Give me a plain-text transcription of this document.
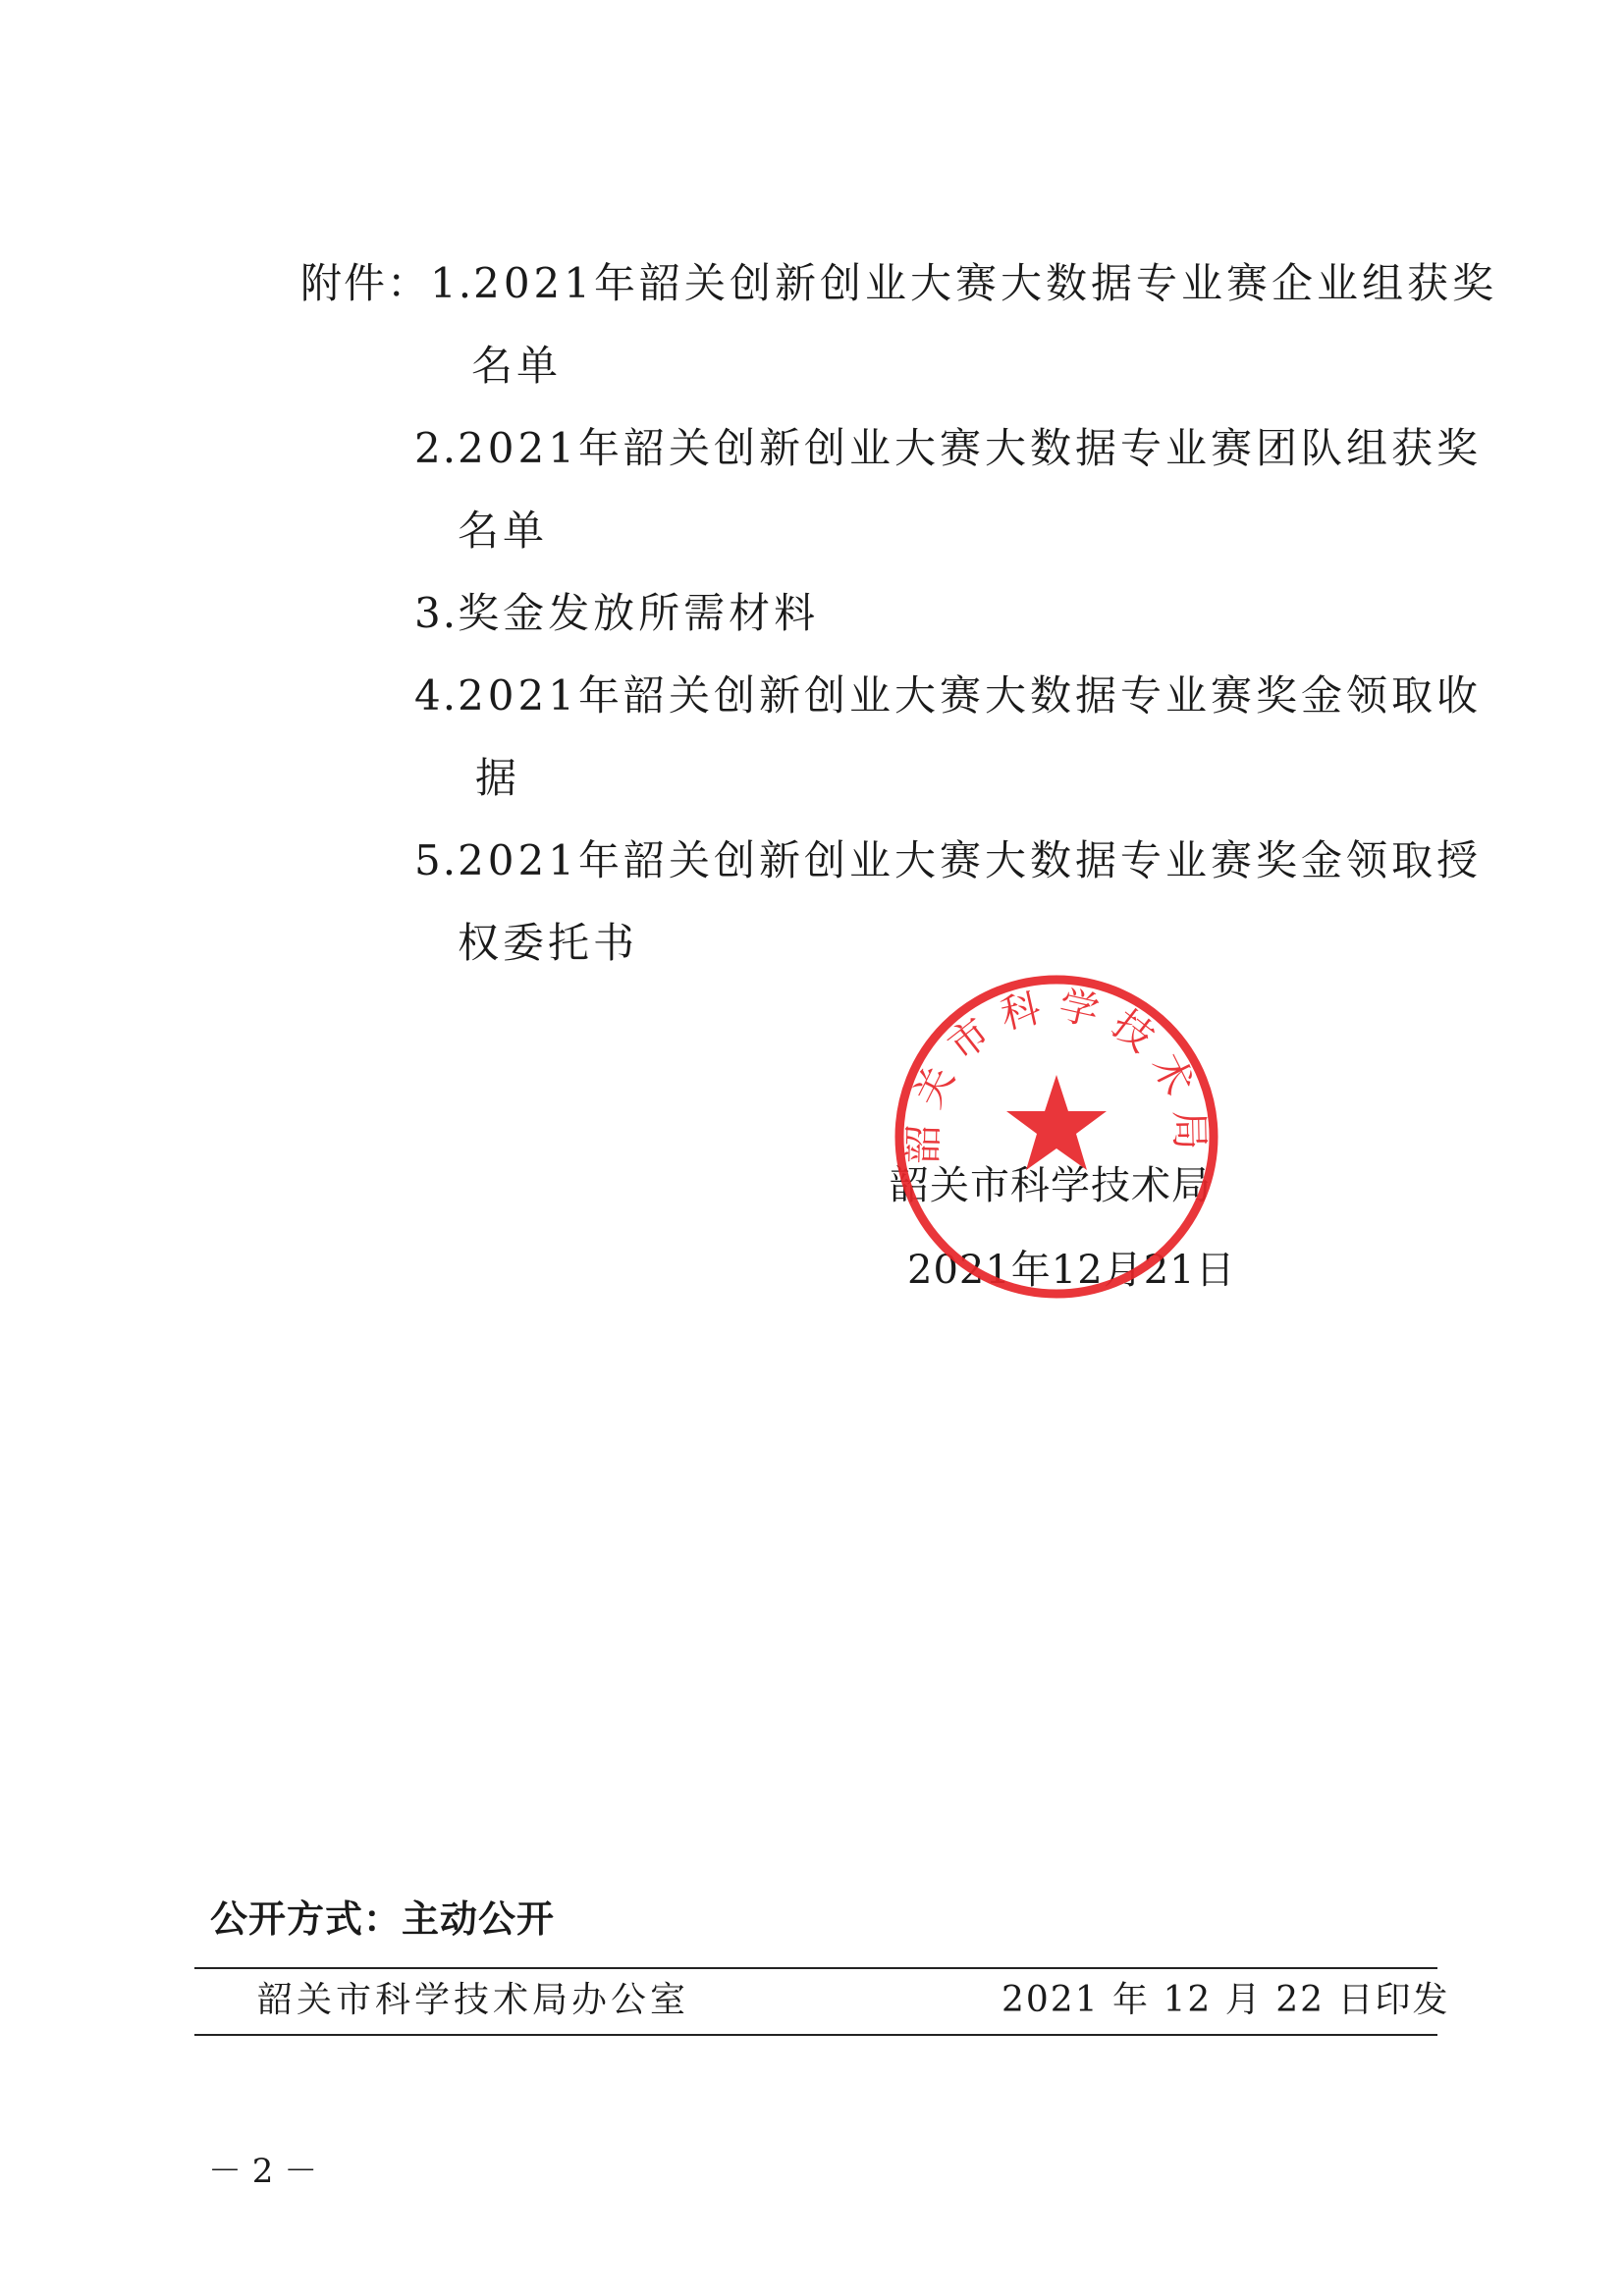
附件：1.2021年韶关创新创业大赛大数据专业赛企业组获奖
名单
2.2021年韶关创新创业大赛大数据专业赛团队组获奖
名单
3.奖金发放所需材料
4.2021年韶关创新创业大赛大数据专业赛奖金领取收
据
5.2021年韶关创新创业大赛大数据专业赛奖金领取授
权委托书
韶关市科学技术局
2021年12月21日
韶关市科学技术局
公开方式：主动公开
韶关市科学技术局办公室	2021 年 12 月 22 日印发
－ 2 －
